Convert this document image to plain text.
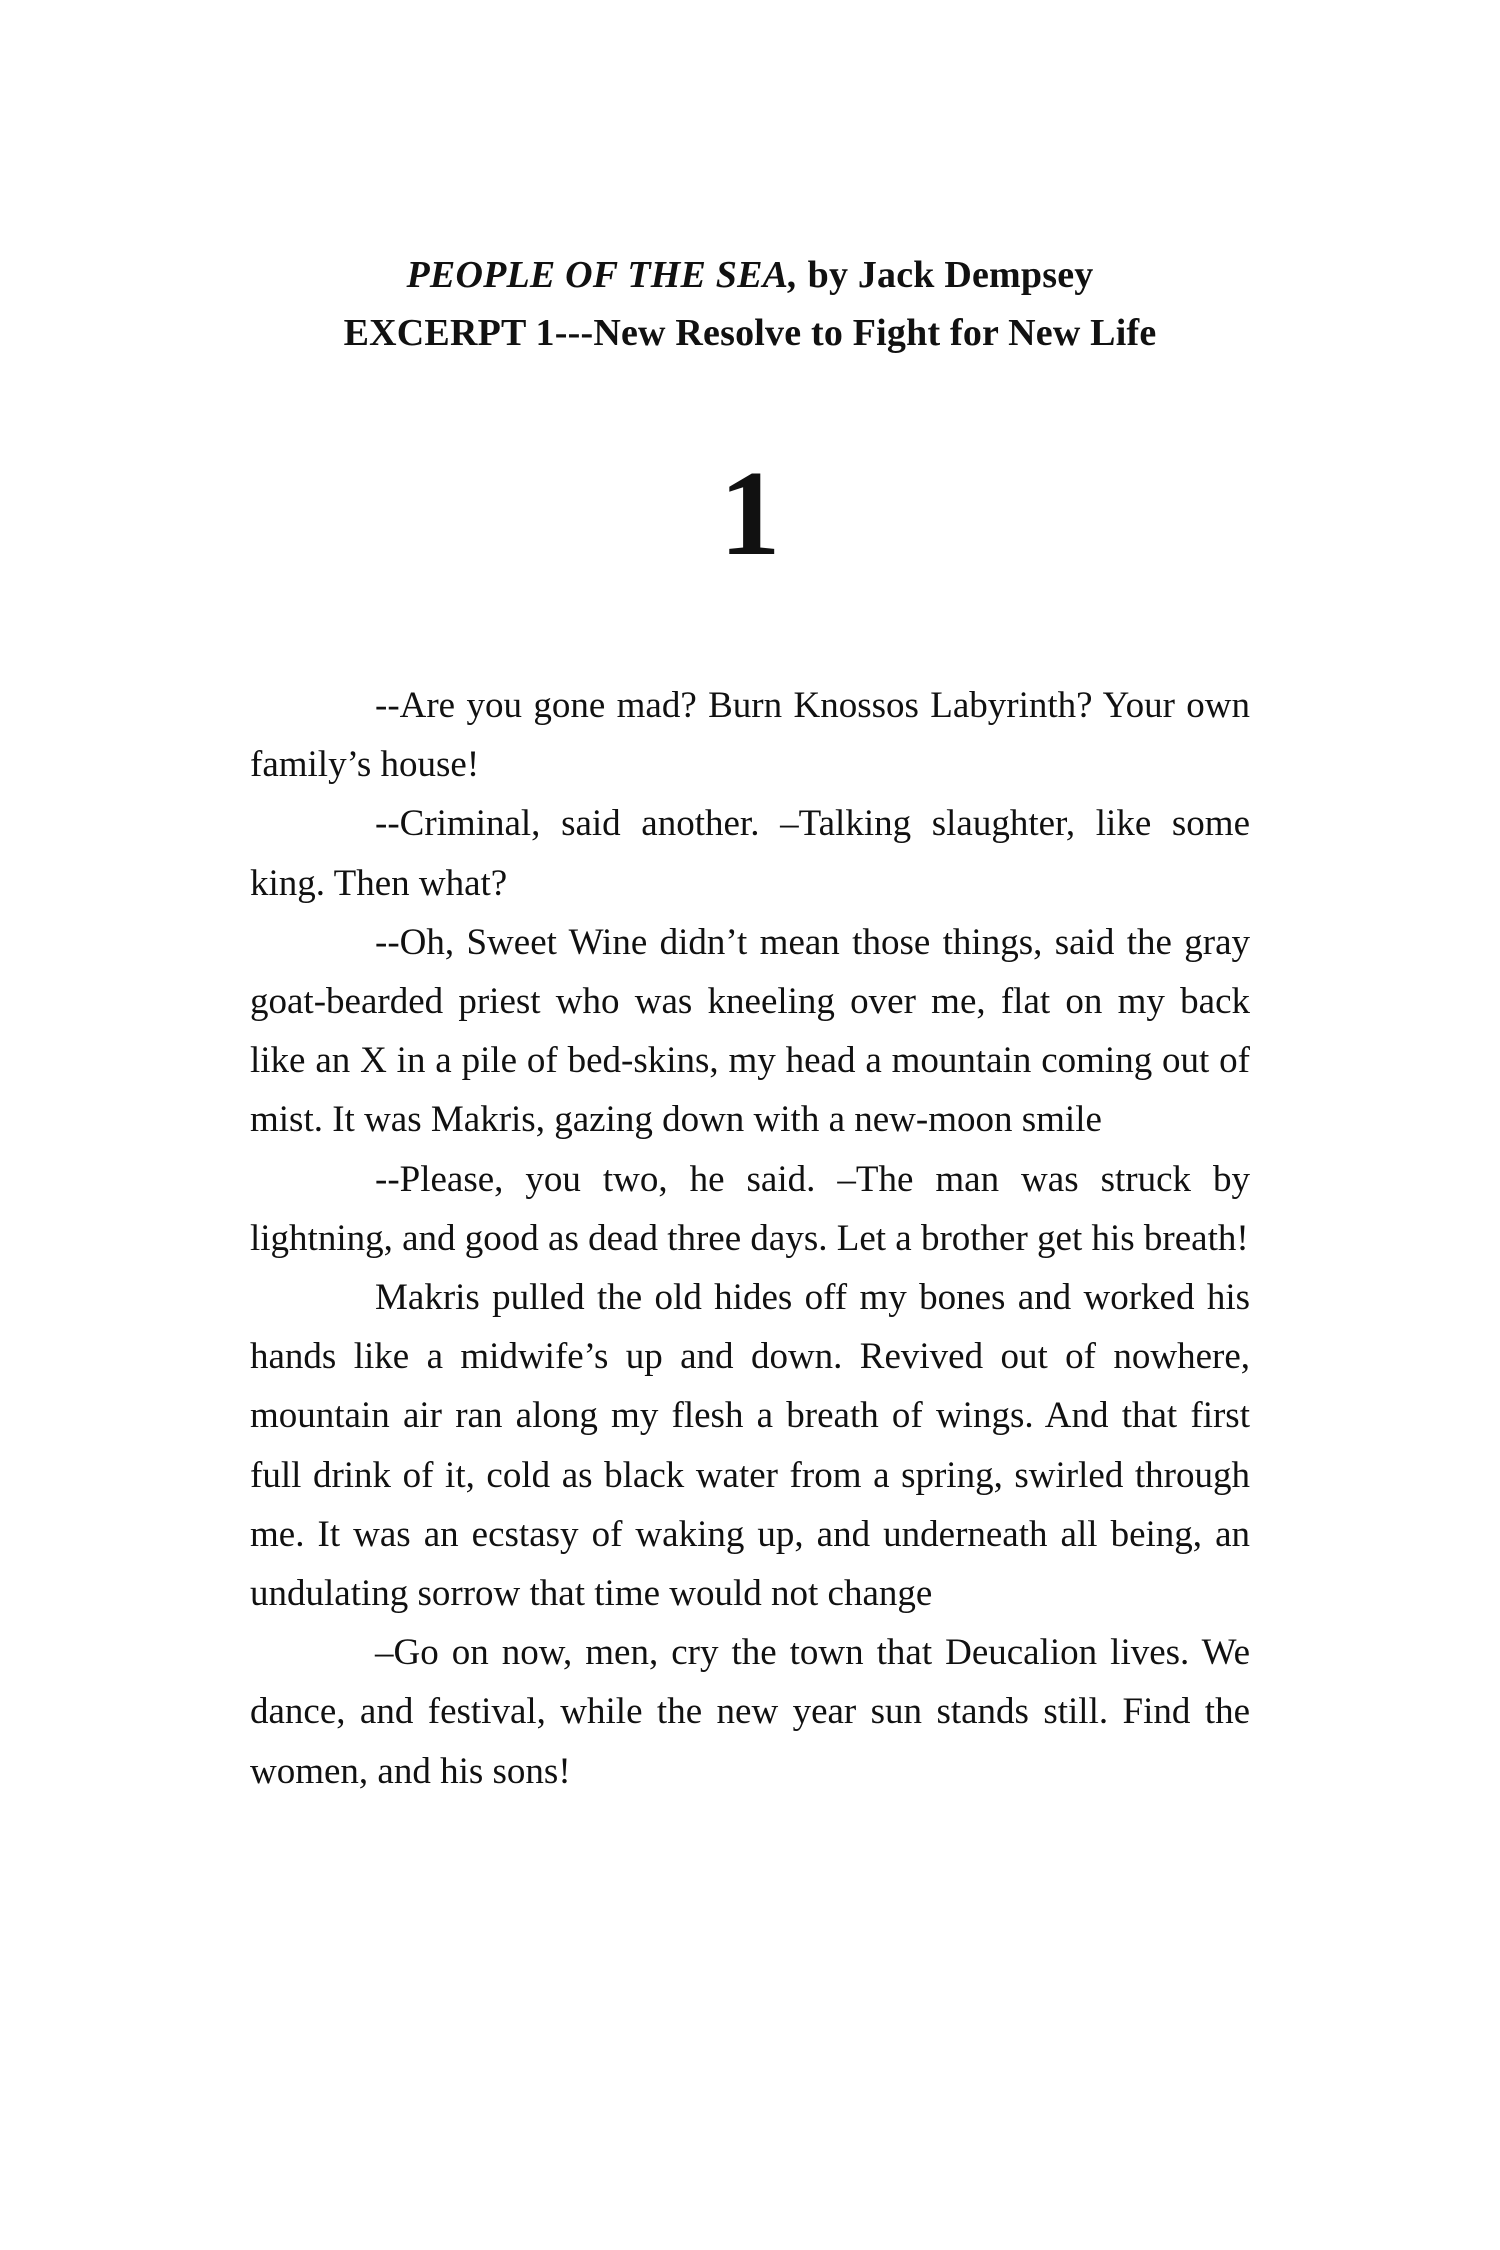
PEOPLE OF THE SEA, by Jack Dempsey
EXCERPT 1---New Resolve to Fight for New Life
1

--Are you gone mad? Burn Knossos Labyrinth? Your own family’s house!

--Criminal, said another. –Talking slaughter, like some king. Then what?

--Oh, Sweet Wine didn’t mean those things, said the gray goat-bearded priest who was kneeling over me, flat on my back like an X in a pile of bed-skins, my head a mountain coming out of mist. It was Makris, gazing down with a new-moon smile

--Please, you two, he said. –The man was struck by lightning, and good as dead three days. Let a brother get his breath!

Makris pulled the old hides off my bones and worked his hands like a midwife’s up and down. Revived out of nowhere, mountain air ran along my flesh a breath of wings. And that first full drink of it, cold as black water from a spring, swirled through me. It was an ecstasy of waking up, and underneath all being, an undulating sorrow that time would not change

–Go on now, men, cry the town that Deucalion lives. We dance, and festival, while the new year sun stands still. Find the women, and his sons!
